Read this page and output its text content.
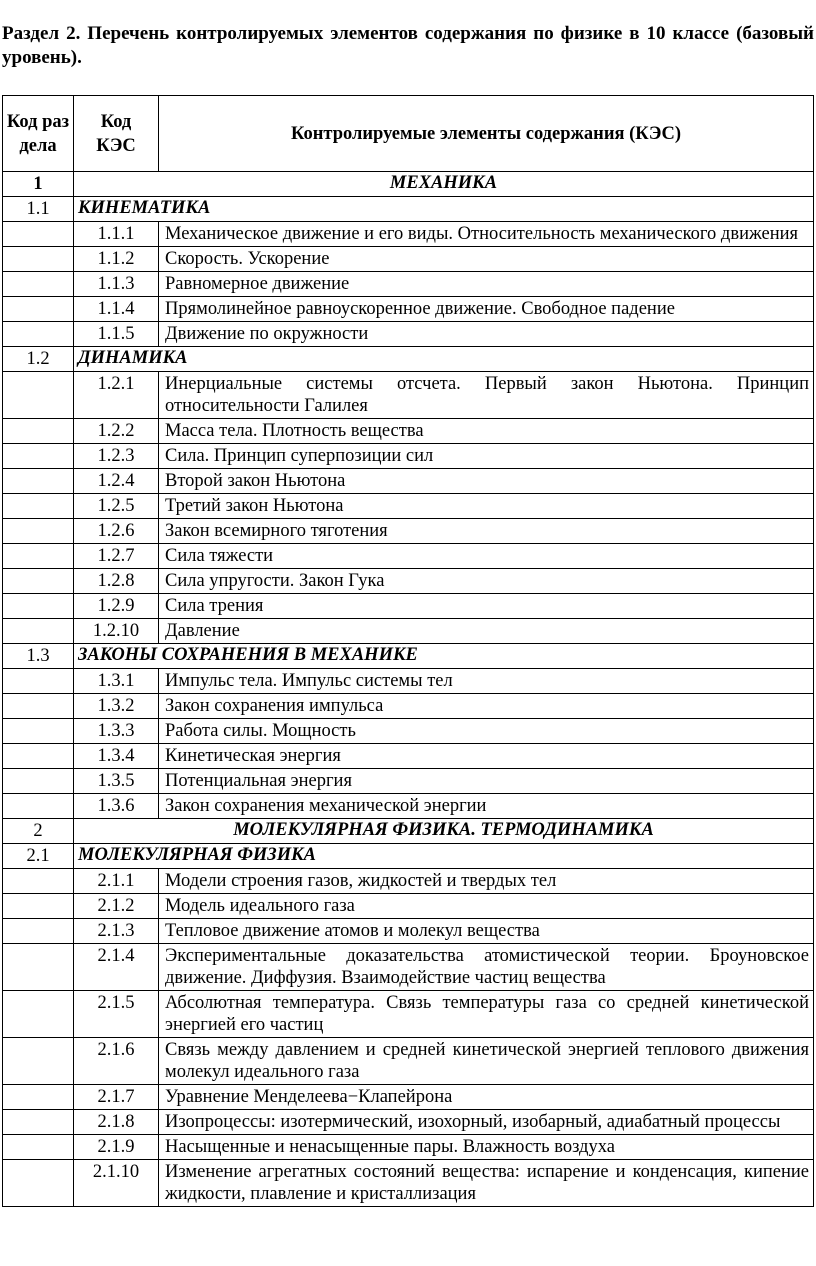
Раздел 2. Перечень контролируемых элементов содержания по физике в 10 классе (базовый уровень).
Код раздела	Код КЭС	Контролируемые элементы содержания (КЭС)
1	МЕХАНИКА	
1.1	КИНЕМАТИКА	
	1.1.1	Механическое движение и его виды. Относительность механического движения
	1.1.2	Скорость. Ускорение
	1.1.3	Равномерное движение
	1.1.4	Прямолинейное равноускоренное движение. Свободное падение
	1.1.5	Движение по окружности
1.2	ДИНАМИКА	
	1.2.1	Инерциальные системы отсчета. Первый закон Ньютона. Принцип относительности Галилея
	1.2.2	Масса тела. Плотность вещества
	1.2.3	Сила. Принцип суперпозиции сил
	1.2.4	Второй закон Ньютона
	1.2.5	Третий закон Ньютона
	1.2.6	Закон всемирного тяготения
	1.2.7	Сила тяжести
	1.2.8	Сила упругости. Закон Гука
	1.2.9	Сила трения
	1.2.10	Давление
1.3	ЗАКОНЫ СОХРАНЕНИЯ В МЕХАНИКЕ	
	1.3.1	Импульс тела. Импульс системы тел
	1.3.2	Закон сохранения импульса
	1.3.3	Работа силы. Мощность
	1.3.4	Кинетическая энергия
	1.3.5	Потенциальная энергия
	1.3.6	Закон сохранения механической энергии
2	МОЛЕКУЛЯРНАЯ ФИЗИКА. ТЕРМОДИНАМИКА	
2.1	МОЛЕКУЛЯРНАЯ ФИЗИКА	
	2.1.1	Модели строения газов, жидкостей и твердых тел
	2.1.2	Модель идеального газа
	2.1.3	Тепловое движение атомов и молекул вещества
	2.1.4	Экспериментальные доказательства атомистической теории. Броуновское движение. Диффузия. Взаимодействие частиц вещества
	2.1.5	Абсолютная температура. Связь температуры газа со средней кинетической энергией его частиц
	2.1.6	Связь между давлением и средней кинетической энергией теплового движения молекул идеального газа
	2.1.7	Уравнение Менделеева−Клапейрона
	2.1.8	Изопроцессы: изотермический, изохорный, изобарный, адиабатный процессы
	2.1.9	Насыщенные и ненасыщенные пары. Влажность воздуха
	2.1.10	Изменение агрегатных состояний вещества: испарение и конденсация, кипение жидкости, плавление и кристаллизация
